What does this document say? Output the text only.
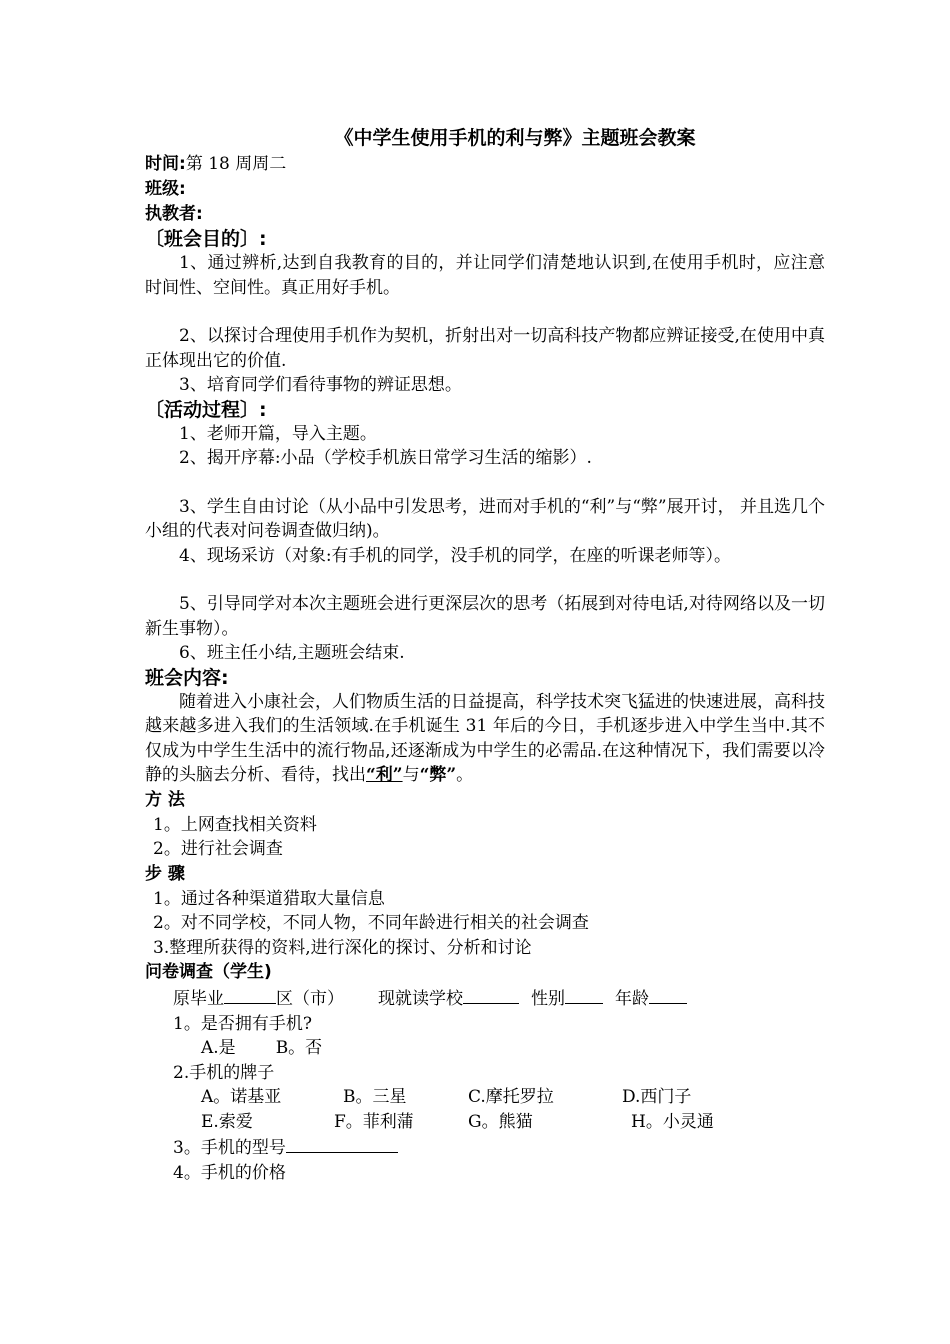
《中学生使用手机的利与弊》主题班会教案
时间:第 18 周周二
班级:
执教者:
〔班会目的〕:

1、通过辨析,达到自我教育的目的，并让同学们清楚地认识到,在使用手机时，应注意时间性、空间性。真正用好手机。

2、以探讨合理使用手机作为契机，折射出对一切高科技产物都应辨证接受,在使用中真正体现出它的价值.

3、培育同学们看待事物的辨证思想。

〔活动过程〕:

1、老师开篇，导入主题。

2、揭开序幕:小品（学校手机族日常学习生活的缩影）.

3、学生自由讨论（从小品中引发思考，进而对手机的“利”与“弊”展开讨， 并且选几个小组的代表对问卷调查做归纳)。

4、现场采访（对象:有手机的同学，没手机的同学，在座的听课老师等）。

5、引导同学对本次主题班会进行更深层次的思考（拓展到对待电话,对待网络以及一切新生事物）。

6、班主任小结,主题班会结束.

班会内容:

随着进入小康社会，人们物质生活的日益提高，科学技术突飞猛进的快速进展，高科技越来越多进入我们的生活领域.在手机诞生 31 年后的今日，手机逐步进入中学生当中.其不仅成为中学生生活中的流行物品,还逐渐成为中学生的必需品.在这种情况下，我们需要以冷静的头脑去分析、看待，找出“利”与“弊”。

方 法
1。上网查找相关资料
2。进行社会调查
步 骤
1。通过各种渠道猎取大量信息
2。对不同学校，不同人物，不同年龄进行相关的社会调查
3.整理所获得的资料,进行深化的探讨、分析和讨论
问卷调查（学生)
原毕业	区（市） 现就读学校	性别	年龄
1。是否拥有手机?
A.是 B。否
2.手机的牌子
A。诺基亚	B。三星	C.摩托罗拉	D.西门子
E.索爱	F。菲利蒲	G。熊猫	H。小灵通
3。手机的型号
4。手机的价格
